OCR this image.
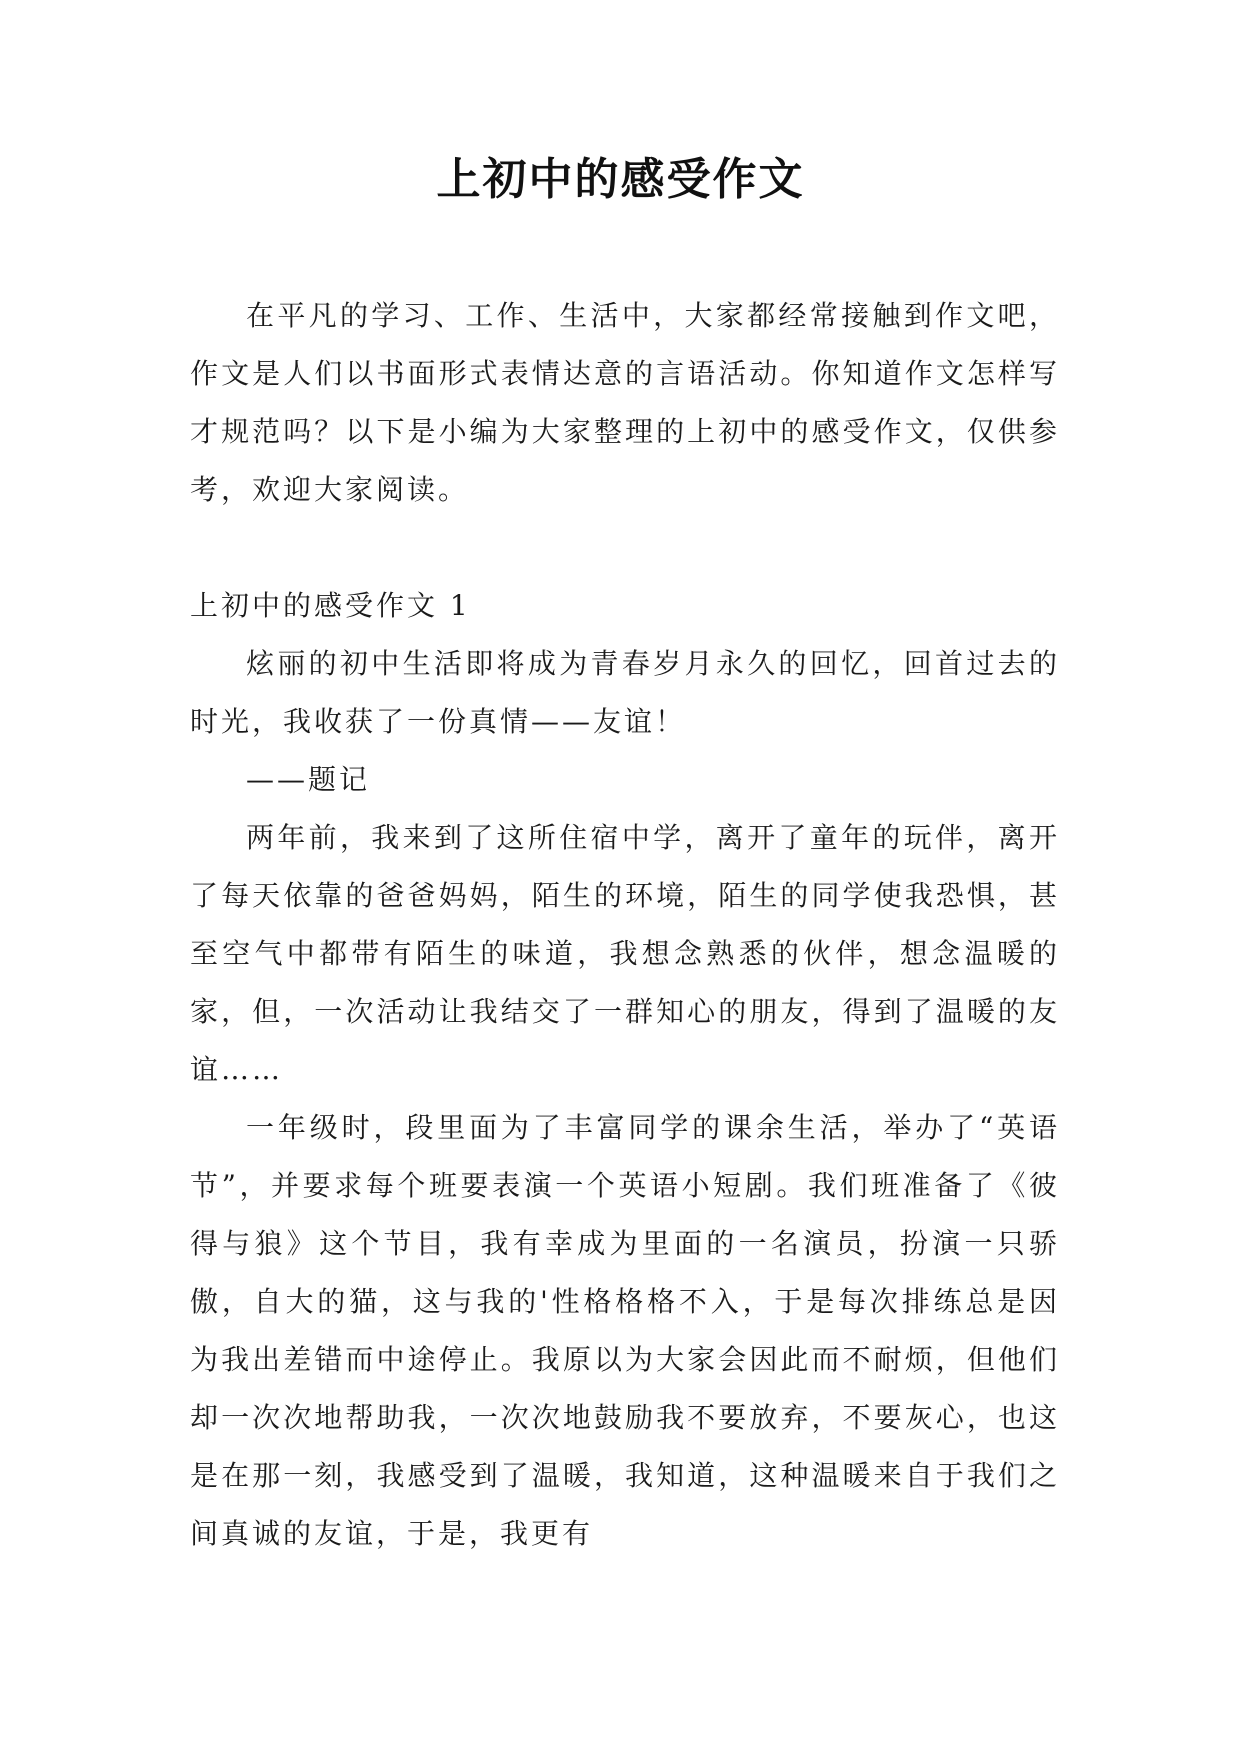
上初中的感受作文

在平凡的学习、工作、生活中，大家都经常接触到作文吧，作文是人们以书面形式表情达意的言语活动。你知道作文怎样写才规范吗？以下是小编为大家整理的上初中的感受作文，仅供参考，欢迎大家阅读。

上初中的感受作文 1

炫丽的初中生活即将成为青春岁月永久的回忆，回首过去的时光，我收获了一份真情——友谊！

——题记

两年前，我来到了这所住宿中学，离开了童年的玩伴，离开了每天依靠的爸爸妈妈，陌生的环境，陌生的同学使我恐惧，甚至空气中都带有陌生的味道，我想念熟悉的伙伴，想念温暖的家，但，一次活动让我结交了一群知心的朋友，得到了温暖的友谊……

一年级时，段里面为了丰富同学的课余生活，举办了“英语节”，并要求每个班要表演一个英语小短剧。我们班准备了《彼得与狼》这个节目，我有幸成为里面的一名演员，扮演一只骄傲，自大的猫，这与我的'性格格格不入，于是每次排练总是因为我出差错而中途停止。我原以为大家会因此而不耐烦，但他们却一次次地帮助我，一次次地鼓励我不要放弃，不要灰心，也这是在那一刻，我感受到了温暖，我知道，这种温暖来自于我们之间真诚的友谊，于是，我更有
